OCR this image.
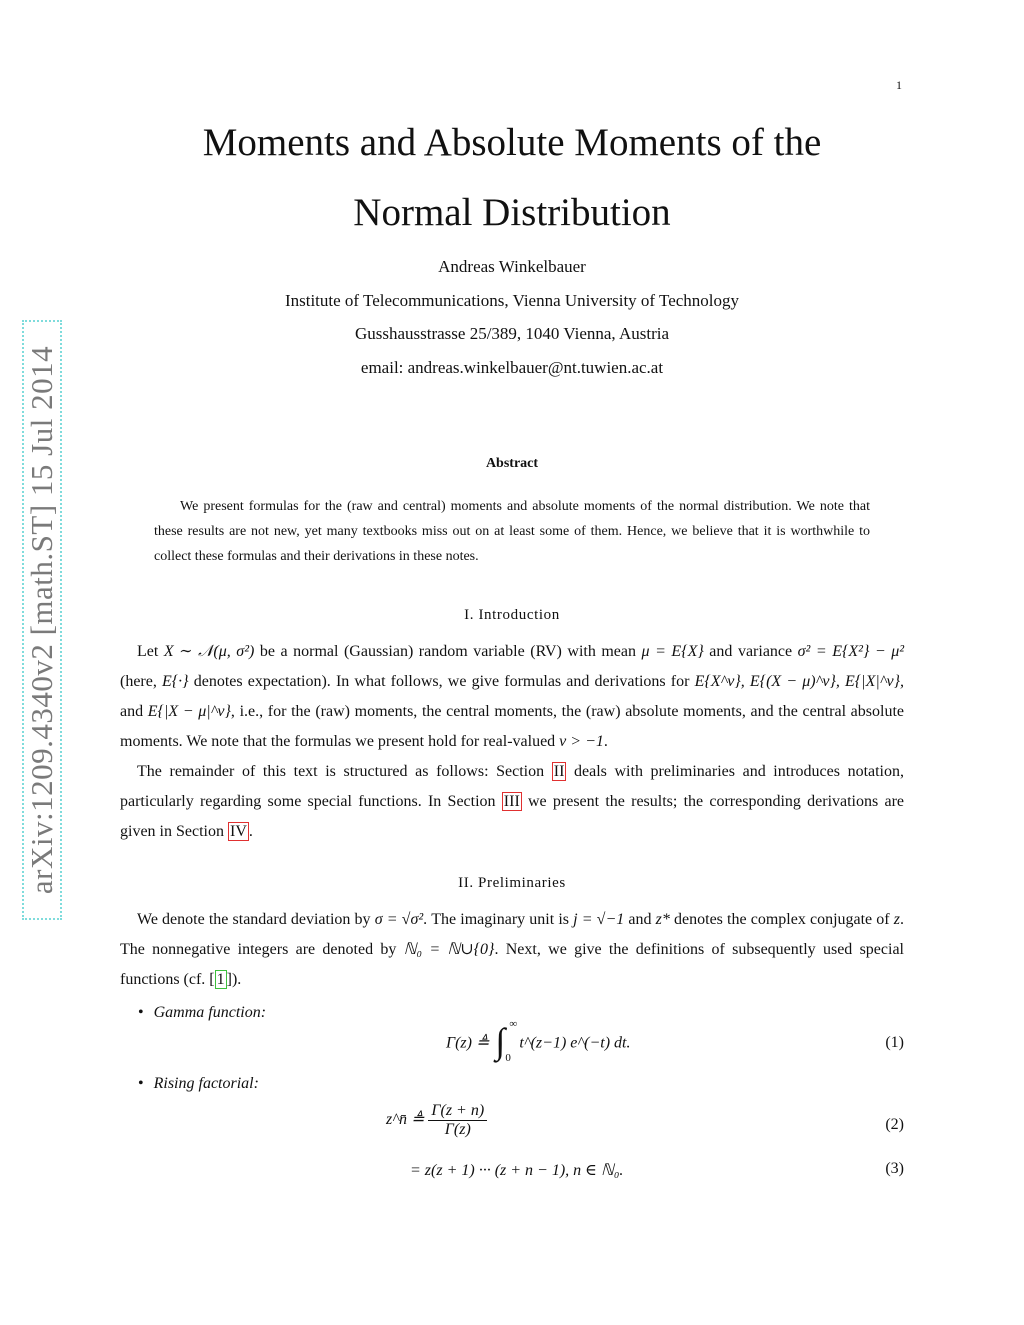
1
arXiv:1209.4340v2 [math.ST] 15 Jul 2014
Moments and Absolute Moments of the
Normal Distribution
Andreas Winkelbauer
Institute of Telecommunications, Vienna University of Technology
Gusshausstrasse 25/389, 1040 Vienna, Austria
email: andreas.winkelbauer@nt.tuwien.ac.at
Abstract

We present formulas for the (raw and central) moments and absolute moments of the normal distribution. We note that these results are not new, yet many textbooks miss out on at least some of them. Hence, we believe that it is worthwhile to collect these formulas and their derivations in these notes.

I. Introduction

Let X ∼ 𝒩(μ, σ²) be a normal (Gaussian) random variable (RV) with mean μ = E{X} and variance σ² = E{X²} − μ² (here, E{·} denotes expectation). In what follows, we give formulas and derivations for E{X^ν}, E{(X − μ)^ν}, E{|X|^ν}, and E{|X − μ|^ν}, i.e., for the (raw) moments, the central moments, the (raw) absolute moments, and the central absolute moments. We note that the formulas we present hold for real-valued ν > −1.

The remainder of this text is structured as follows: Section II deals with preliminaries and introduces notation, particularly regarding some special functions. In Section III we present the results; the corresponding derivations are given in Section IV .

II. Preliminaries

We denote the standard deviation by σ = √σ². The imaginary unit is j = √−1 and z* denotes the complex conjugate of z. The nonnegative integers are denoted by ℕ₀ = ℕ∪{0}. Next, we give the definitions of subsequently used special functions (cf. [ 1 ]).

• Gamma function:
Γ(z) ≜ ∫ ∞
0
t^(z−1) e^(−t) dt.	(1)
• Rising factorial:
z^n̄ ≜ $\frac{\Gamma(z + n)}{\Gamma(z)}$	(2)
= z(z + 1) ··· (z + n − 1), n ∈ ℕ₀.	(3)
